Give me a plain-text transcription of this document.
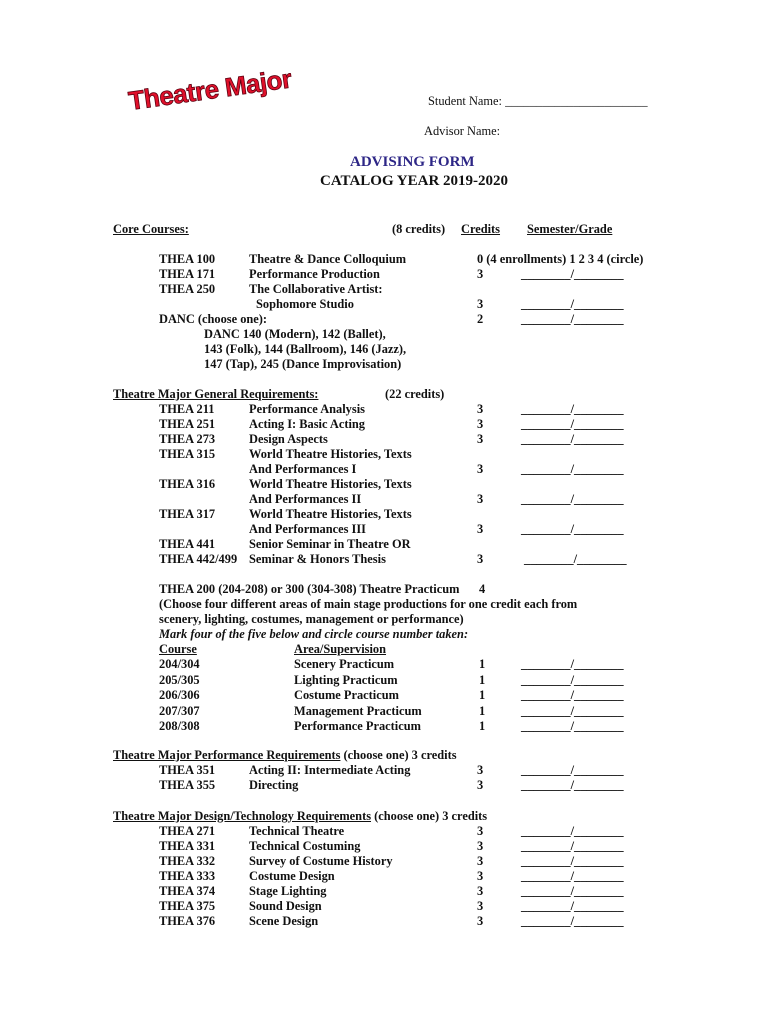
Theatre Major	Student Name: _______________________
Advisor Name:
ADVISING FORM
CATALOG YEAR 2019-2020
Core Courses:	(8 credits) Credits Semester/Grade
THEA 100	Theatre & Dance Colloquium	0 (4 enrollments) 1 2 3 4 (circle)
THEA 171	Performance Production	3	________/________
THEA 250	The Collaborative Artist:
Sophomore Studio	3	________/________
DANC (choose one):	2	________/________
DANC 140 (Modern), 142 (Ballet),
143 (Folk), 144 (Ballroom), 146 (Jazz),
147 (Tap), 245 (Dance Improvisation)
Theatre Major General Requirements:	(22 credits)
THEA 211	Performance Analysis	3	________/________
THEA 251	Acting I: Basic Acting	3	________/________
THEA 273	Design Aspects	3	________/________
THEA 315	World Theatre Histories, Texts
And Performances I	3	________/________
THEA 316	World Theatre Histories, Texts
And Performances II	3	________/________
THEA 317	World Theatre Histories, Texts
And Performances III	3	________/________
THEA 441	Senior Seminar in Theatre OR
THEA 442/499 Seminar & Honors Thesis	3	________/________
THEA 200 (204-208) or 300 (304-308) Theatre Practicum 4
(Choose four different areas of main stage productions for one credit each from
scenery, lighting, costumes, management or performance)
Mark four of the five below and circle course number taken:
Course	Area/Supervision
204/304	Scenery Practicum	1	________/________
205/305	Lighting Practicum	1	________/________
206/306	Costume Practicum	1	________/________
207/307	Management Practicum	1	________/________
208/308	Performance Practicum	1	________/________
Theatre Major Performance Requirements (choose one) 3 credits
THEA 351	Acting II: Intermediate Acting	3	________/________
THEA 355	Directing	3	________/________
Theatre Major Design/Technology Requirements (choose one) 3 credits
THEA 271	Technical Theatre	3	________/________
THEA 331	Technical Costuming	3	________/________
THEA 332	Survey of Costume History	3	________/________
THEA 333	Costume Design	3	________/________
THEA 374	Stage Lighting	3	________/________
THEA 375	Sound Design	3	________/________
THEA 376	Scene Design	3	________/________
